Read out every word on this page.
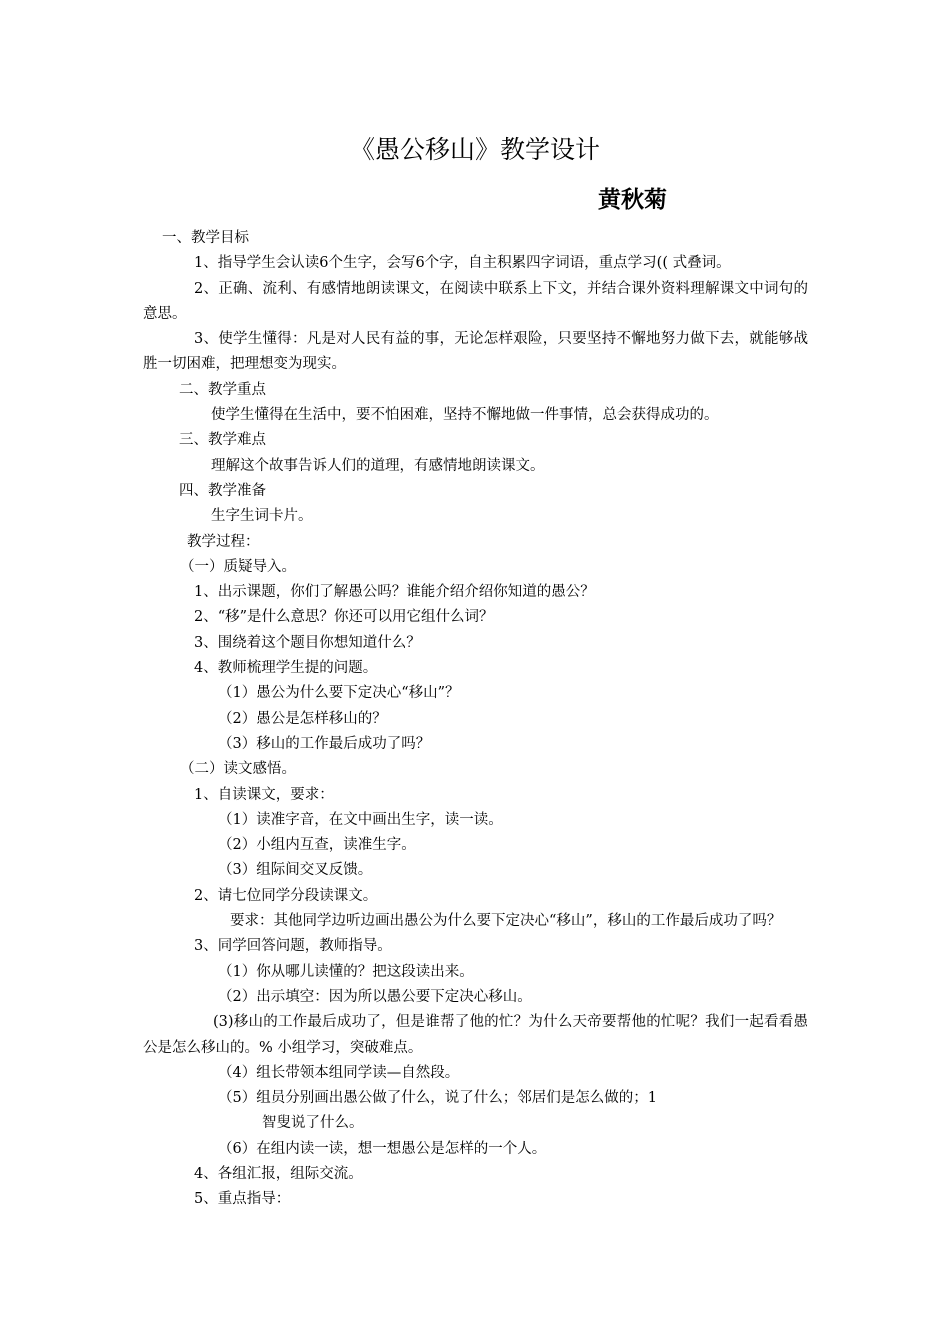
《愚公移山》教学设计
黄秋菊
一、教学目标
1、指导学生会认读6个生字，会写6个字，自主积累四字词语，重点学习(( 式叠词。
2、正确、流利、有感情地朗读课文，在阅读中联系上下文，并结合课外资料理解课文中词句的意思。
3、使学生懂得：凡是对人民有益的事，无论怎样艰险，只要坚持不懈地努力做下去，就能够战胜一切困难，把理想变为现实。
二、教学重点
使学生懂得在生活中，要不怕困难，坚持不懈地做一件事情，总会获得成功的。
三、教学难点
理解这个故事告诉人们的道理，有感情地朗读课文。
四、教学准备
生字生词卡片。
教学过程：
（一）质疑导入。
1、出示课题，你们了解愚公吗？谁能介绍介绍你知道的愚公？
2、“移”是什么意思？你还可以用它组什么词？
3、围绕着这个题目你想知道什么？
4、教师梳理学生提的问题。
（1）愚公为什么要下定决心“移山”？
（2）愚公是怎样移山的？
（3）移山的工作最后成功了吗？
（二）读文感悟。
1、自读课文，要求：
（1）读准字音，在文中画出生字，读一读。
（2）小组内互查，读准生字。
（3）组际间交叉反馈。
2、请七位同学分段读课文。
要求：其他同学边听边画出愚公为什么要下定决心“移山”，移山的工作最后成功了吗？
3、同学回答问题，教师指导。
（1）你从哪儿读懂的？把这段读出来。
（2）出示填空：因为所以愚公要下定决心移山。
(3)移山的工作最后成功了，但是谁帮了他的忙？为什么天帝要帮他的忙呢？我们一起看看愚公是怎么移山的。% 小组学习，突破难点。
（4）组长带领本组同学读—自然段。
（5）组员分别画出愚公做了什么，说了什么；邻居们是怎么做的；1
智叟说了什么。
（6）在组内读一读，想一想愚公是怎样的一个人。
4、各组汇报，组际交流。
5、重点指导：
